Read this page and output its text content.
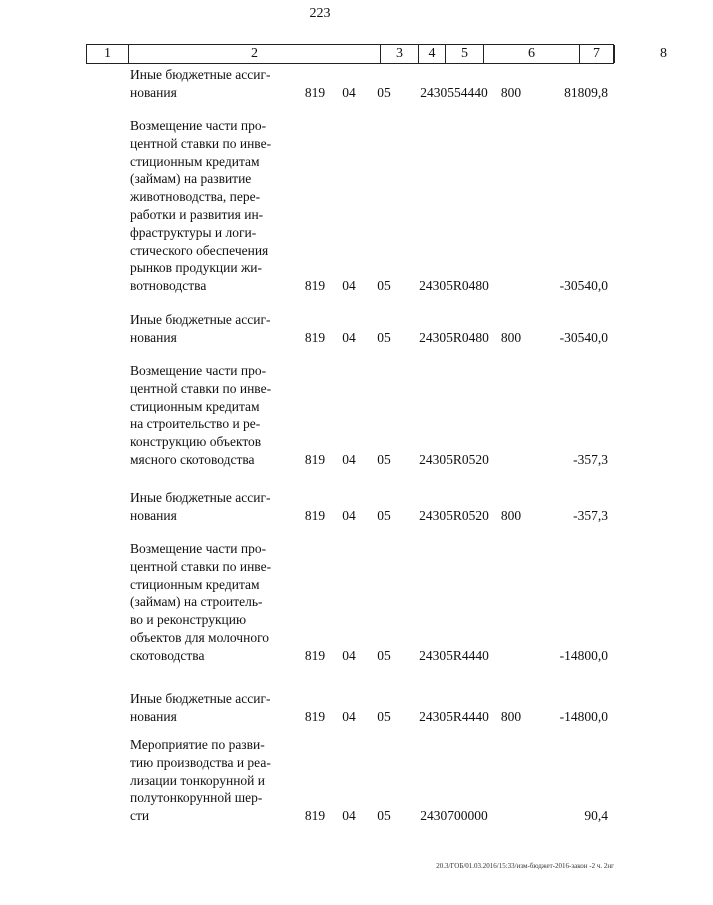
223
1	2	3	4	5	6	7	8
Иные бюджетные ассиг-
нования	819	04	05	2430554440 800	81809,8
Возмещение части про-
центной ставки по инве-
стиционным кредитам
(займам) на развитие
животноводства, пере-
работки и развития ин-
фраструктуры и логи-
стического обеспечения
рынков продукции жи-
вотноводства	819	04	05	24305R0480	-30540,0
Иные бюджетные ассиг-
нования	819	04	05	24305R0480 800	-30540,0
Возмещение части про-
центной ставки по инве-
стиционным кредитам
на строительство и ре-
конструкцию объектов
мясного скотоводства	819	04	05	24305R0520	-357,3
Иные бюджетные ассиг-
нования	819	04	05	24305R0520 800	-357,3
Возмещение части про-
центной ставки по инве-
стиционным кредитам
(займам) на строитель-
во и реконструкцию
объектов для молочного
скотоводства	819	04	05	24305R4440	-14800,0
Иные бюджетные ассиг-
нования	819	04	05	24305R4440 800	-14800,0
Мероприятие по разви-
тию производства и реа-
лизации тонкорунной и
полутонкорунной шер-
сти	819	04	05	2430700000	90,4
20.3/ГОБ/01.03.2016/15:33/изм-бюджет-2016-закон -2 ч. 2нг
